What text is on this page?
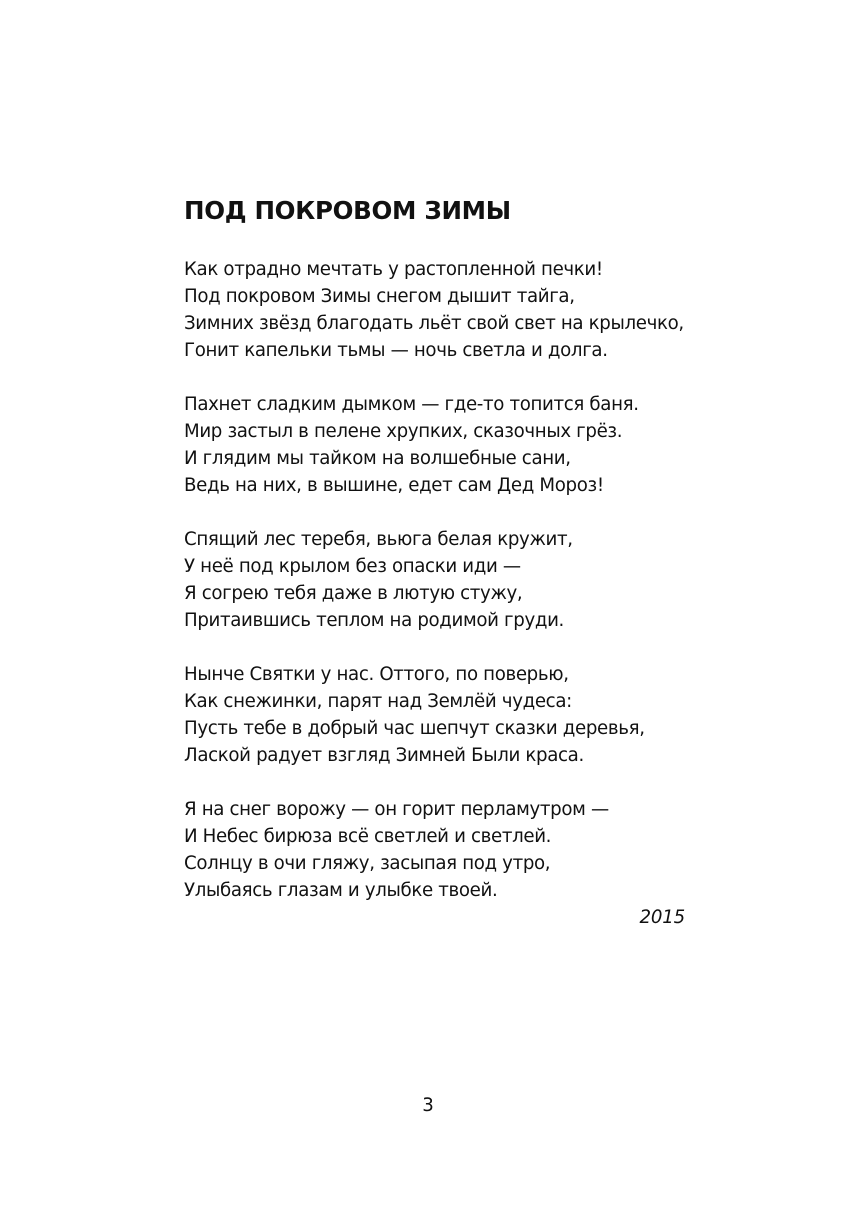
ПОД ПОКРОВОМ ЗИМЫ
Как отрадно мечтать у растопленной печки!
Под покровом Зимы снегом дышит тайга,
Зимних звёзд благодать льёт свой свет на крылечко,
Гонит капельки тьмы — ночь светла и долга.
Пахнет сладким дымком — где-то топится баня.
Мир застыл в пелене хрупких, сказочных грёз.
И глядим мы тайком на волшебные сани,
Ведь на них, в вышине, едет сам Дед Мороз!
Спящий лес теребя, вьюга белая кружит,
У неё под крылом без опаски иди —
Я согрею тебя даже в лютую стужу,
Притаившись теплом на родимой груди.
Нынче Святки у нас. Оттого, по поверью,
Как снежинки, парят над Землёй чудеса:
Пусть тебе в добрый час шепчут сказки деревья,
Лаской радует взгляд Зимней Были краса.
Я на снег ворожу — он горит перламутром —
И Небес бирюза всё светлей и светлей.
Солнцу в очи гляжу, засыпая под утро,
Улыбаясь глазам и улыбке твоей.
2015
3
